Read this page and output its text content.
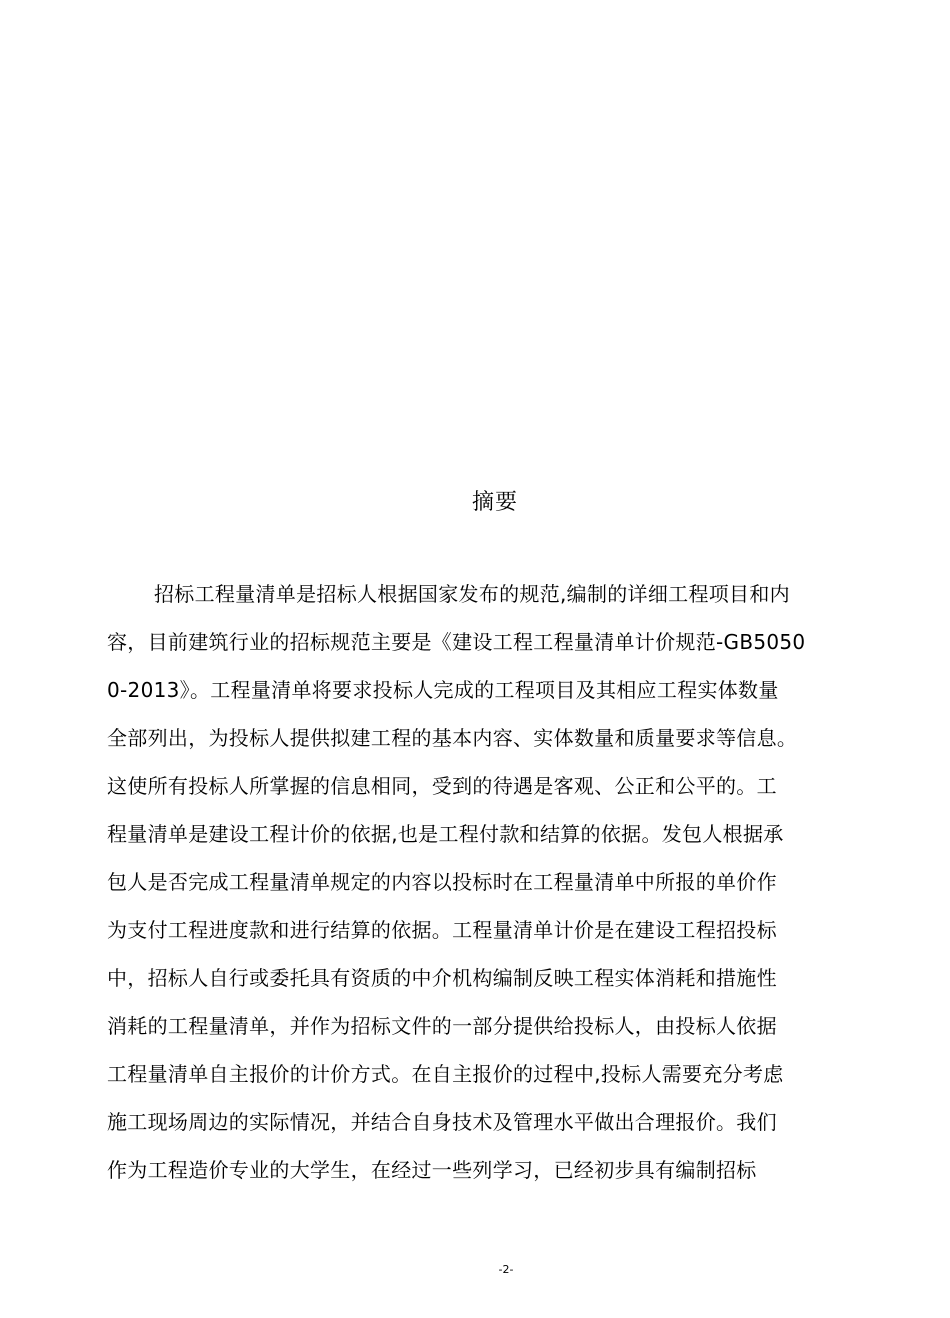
摘要
招标工程量清单是招标人根据国家发布的规范,编制的详细工程项目和内
容，目前建筑行业的招标规范主要是《建设工程工程量清单计价规范-GB5050
0-2013》。工程量清单将要求投标人完成的工程项目及其相应工程实体数量
全部列出，为投标人提供拟建工程的基本内容、实体数量和质量要求等信息。
这使所有投标人所掌握的信息相同，受到的待遇是客观、公正和公平的。工
程量清单是建设工程计价的依据,也是工程付款和结算的依据。发包人根据承
包人是否完成工程量清单规定的内容以投标时在工程量清单中所报的单价作
为支付工程进度款和进行结算的依据。工程量清单计价是在建设工程招投标
中，招标人自行或委托具有资质的中介机构编制反映工程实体消耗和措施性
消耗的工程量清单，并作为招标文件的一部分提供给投标人，由投标人依据
工程量清单自主报价的计价方式。在自主报价的过程中,投标人需要充分考虑
施工现场周边的实际情况，并结合自身技术及管理水平做出合理报价。我们
作为工程造价专业的大学生，在经过一些列学习，已经初步具有编制招标
-2-
